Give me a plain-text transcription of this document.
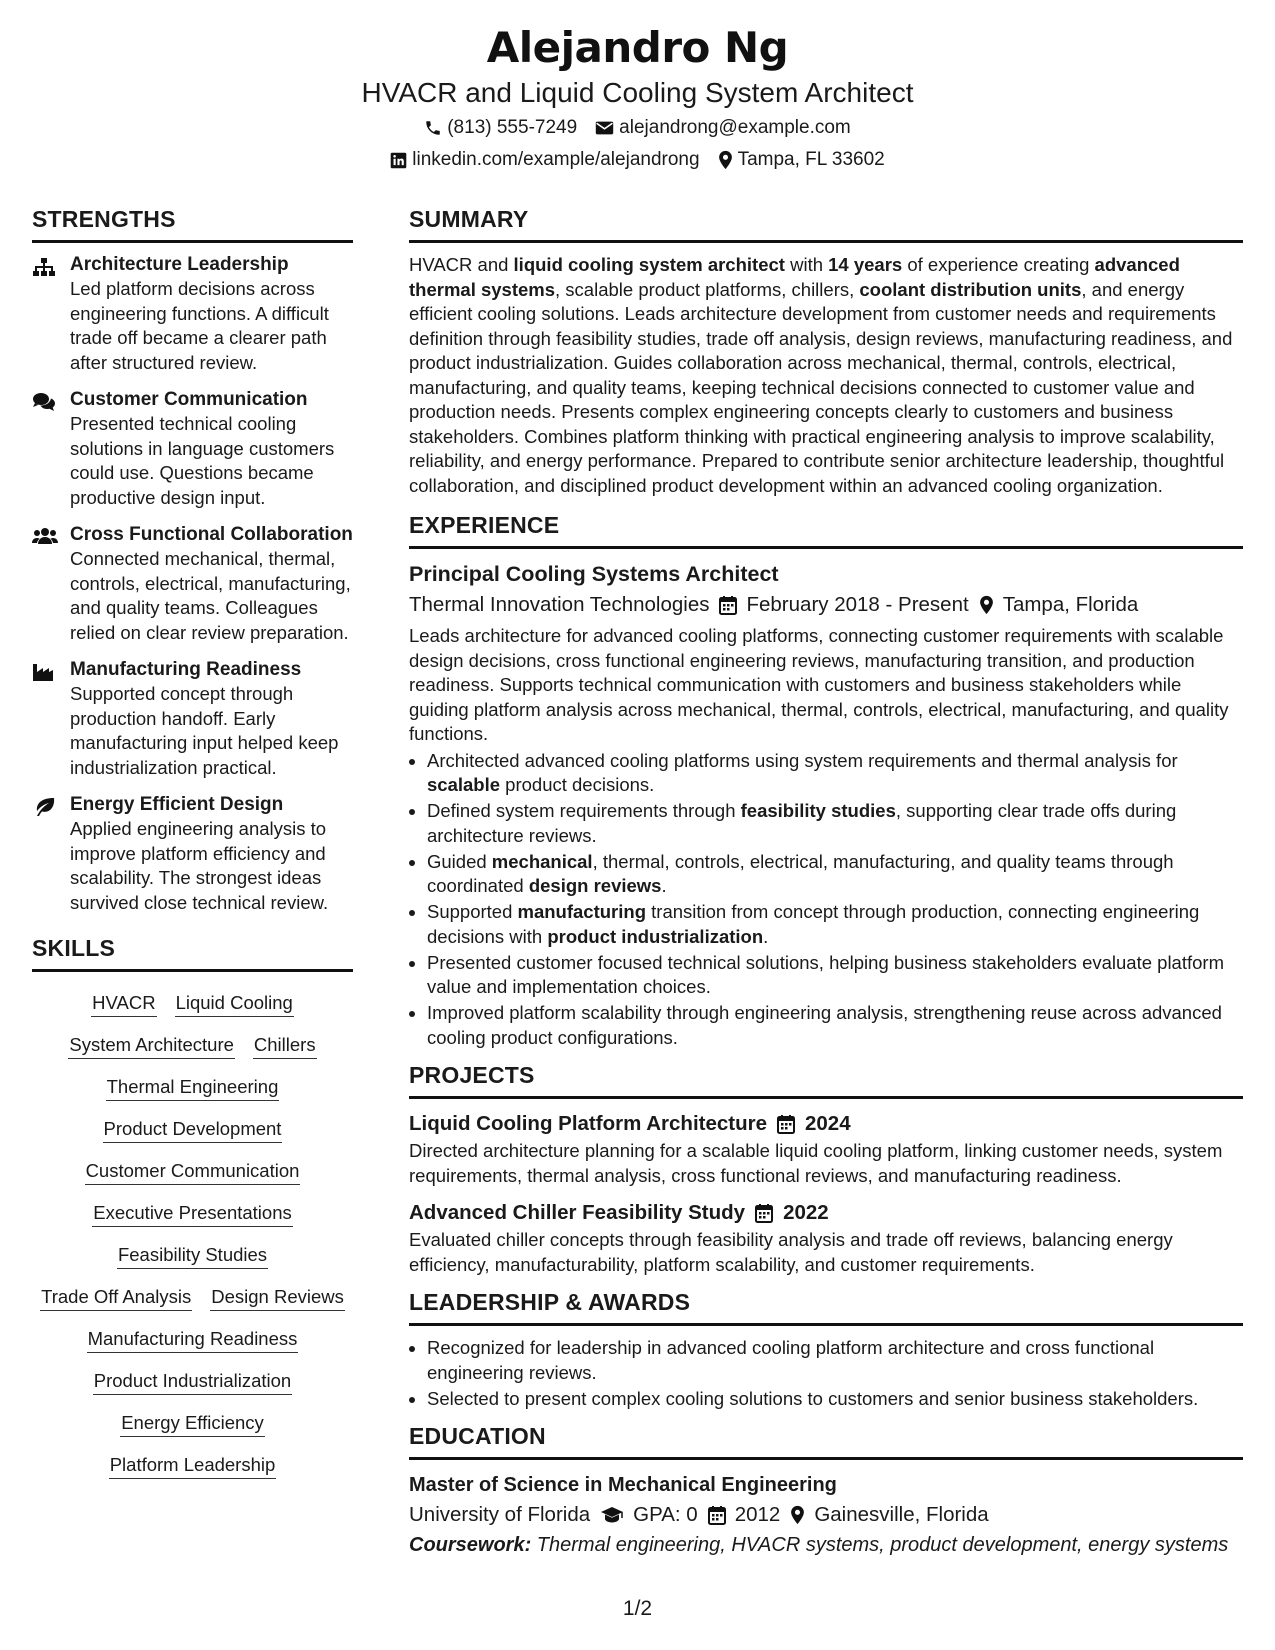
Alejandro Ng
HVACR and Liquid Cooling System Architect
(813) 555-7249 alejandrong@example.com
linkedin.com/example/alejandrong Tampa, FL 33602
STRENGTHS
Architecture Leadership
Led platform decisions across engineering functions. A difficult trade off became a clearer path after structured review.
Customer Communication
Presented technical cooling solutions in language customers could use. Questions became productive design input.
Cross Functional Collaboration
Connected mechanical, thermal, controls, electrical, manufacturing, and quality teams. Colleagues relied on clear review preparation.
Manufacturing Readiness
Supported concept through production handoff. Early manufacturing input helped keep industrialization practical.
Energy Efficient Design
Applied engineering analysis to improve platform efficiency and scalability. The strongest ideas survived close technical review.
SKILLS
HVACR Liquid Cooling
System Architecture Chillers
Thermal Engineering
Product Development
Customer Communication
Executive Presentations
Feasibility Studies
Trade Off Analysis Design Reviews
Manufacturing Readiness
Product Industrialization
Energy Efficiency
Platform Leadership
SUMMARY
HVACR and liquid cooling system architect with 14 years of experience creating advanced thermal systems, scalable product platforms, chillers, coolant distribution units, and energy efficient cooling solutions. Leads architecture development from customer needs and requirements definition through feasibility studies, trade off analysis, design reviews, manufacturing readiness, and product industrialization. Guides collaboration across mechanical, thermal, controls, electrical, manufacturing, and quality teams, keeping technical decisions connected to customer value and production needs. Presents complex engineering concepts clearly to customers and business stakeholders. Combines platform thinking with practical engineering analysis to improve scalability, reliability, and energy performance. Prepared to contribute senior architecture leadership, thoughtful collaboration, and disciplined product development within an advanced cooling organization.
EXPERIENCE
Principal Cooling Systems Architect
Thermal Innovation Technologies February 2018 - Present Tampa, Florida
Leads architecture for advanced cooling platforms, connecting customer requirements with scalable design decisions, cross functional engineering reviews, manufacturing transition, and production readiness. Supports technical communication with customers and business stakeholders while guiding platform analysis across mechanical, thermal, controls, electrical, manufacturing, and quality functions.
• Architected advanced cooling platforms using system requirements and thermal analysis for scalable product decisions.
• Defined system requirements through feasibility studies, supporting clear trade offs during architecture reviews.
• Guided mechanical, thermal, controls, electrical, manufacturing, and quality teams through coordinated design reviews.
• Supported manufacturing transition from concept through production, connecting engineering decisions with product industrialization.
• Presented customer focused technical solutions, helping business stakeholders evaluate platform value and implementation choices.
• Improved platform scalability through engineering analysis, strengthening reuse across advanced cooling product configurations.
PROJECTS
Liquid Cooling Platform Architecture 2024
Directed architecture planning for a scalable liquid cooling platform, linking customer needs, system requirements, thermal analysis, cross functional reviews, and manufacturing readiness.
Advanced Chiller Feasibility Study 2022
Evaluated chiller concepts through feasibility analysis and trade off reviews, balancing energy efficiency, manufacturability, platform scalability, and customer requirements.
LEADERSHIP & AWARDS
• Recognized for leadership in advanced cooling platform architecture and cross functional engineering reviews.
• Selected to present complex cooling solutions to customers and senior business stakeholders.
EDUCATION
Master of Science in Mechanical Engineering
University of Florida GPA: 0 2012 Gainesville, Florida
Coursework: Thermal engineering, HVACR systems, product development, energy systems
1/2
